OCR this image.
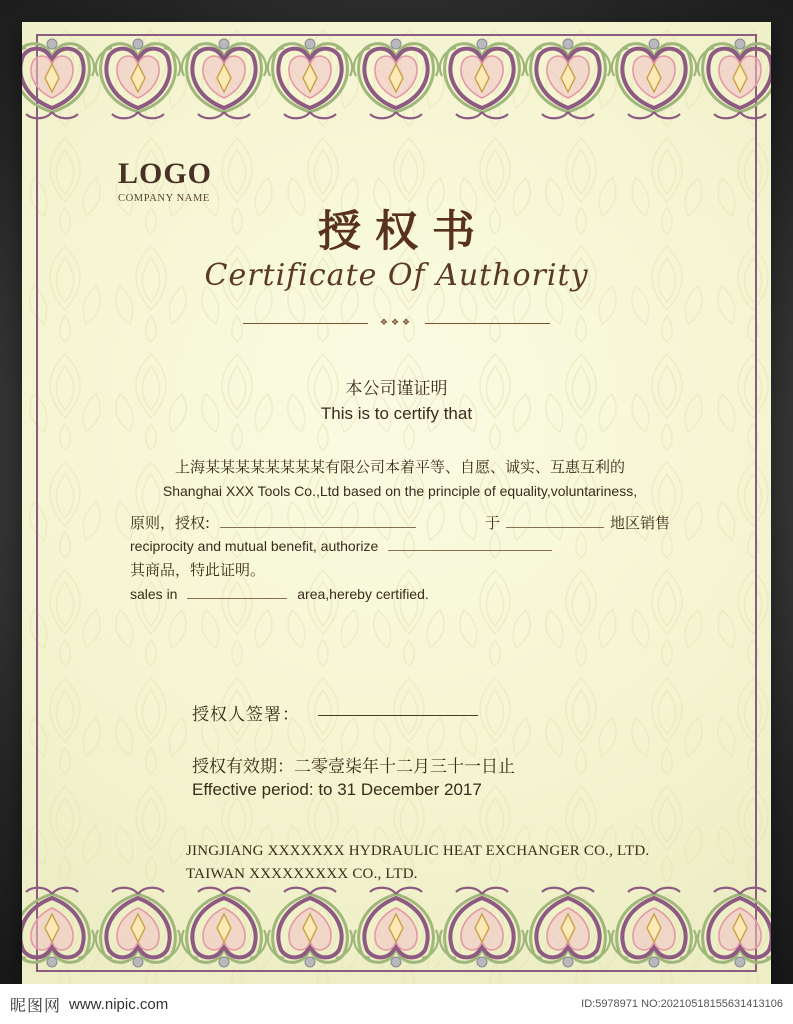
LOGO
COMPANY NAME
授权书
Certificate Of Authority
❖❖❖
本公司谨证明
This is to certify that
上海某某某某某某某某有限公司本着平等、自愿、诚实、互惠互利的
Shanghai XXX Tools Co.,Ltd based on the principle of equality,voluntariness,
原则，授权:	于	地区销售
reciprocity and mutual benefit, authorize
其商品，特此证明。
sales in	area,hereby certified.
授权人签署：
授权有效期：二零壹柒年十二月三十一日止
Effective period: to 31 December 2017
JINGJIANG XXXXXXX HYDRAULIC HEAT EXCHANGER CO., LTD.
TAIWAN XXXXXXXXX CO., LTD.
昵图网 www.nipic.com	ID:5978971 NO:20210518155631413106
